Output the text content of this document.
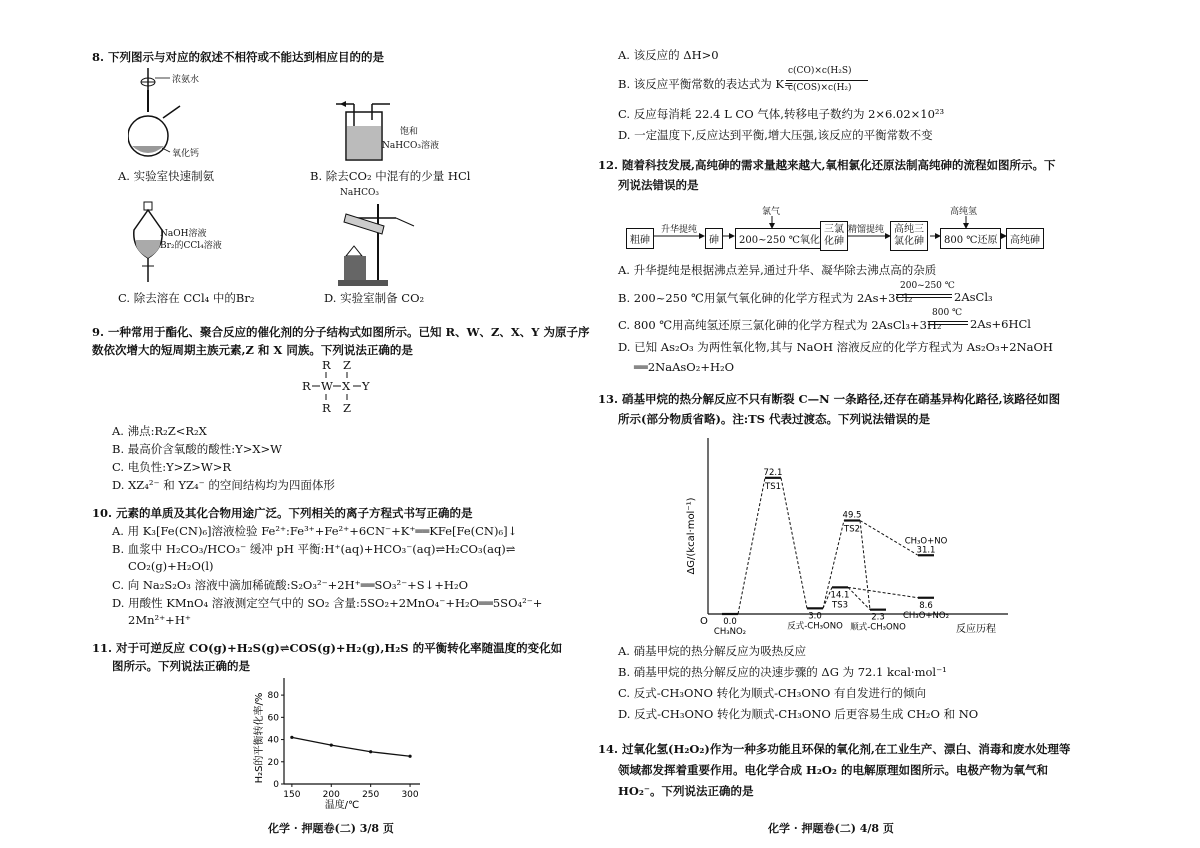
8. 下列图示与对应的叙述不相符或不能达到相应目的的是
浓氨水
氧化钙
A. 实验室快速制氨
饱和
NaHCO₃溶液
B. 除去CO₂ 中混有的少量 HCl
NaOH溶液
Br₂的CCl₄溶液
C. 除去溶在 CCl₄ 中的Br₂
NaHCO₃
D. 实验室制备 CO₂
9. 一种常用于酯化、聚合反应的催化剂的分子结构式如图所示。已知 R、W、Z、X、Y 为原子序
数依次增大的短周期主族元素,Z 和 X 同族。下列说法正确的是
R Z
R W X Y
R Z
A. 沸点:R₂Z<R₂X
B. 最高价含氧酸的酸性:Y>X>W
C. 电负性:Y>Z>W>R
D. XZ₄²⁻ 和 YZ₄⁻ 的空间结构均为四面体形
10. 元素的单质及其化合物用途广泛。下列相关的离子方程式书写正确的是
A. 用 K₃[Fe(CN)₆]溶液检验 Fe²⁺:Fe³⁺+Fe²⁺+6CN⁻+K⁺══KFe[Fe(CN)₆]↓
B. 血浆中 H₂CO₃/HCO₃⁻ 缓冲 pH 平衡:H⁺(aq)+HCO₃⁻(aq)⇌H₂CO₃(aq)⇌
CO₂(g)+H₂O(l)
C. 向 Na₂S₂O₃ 溶液中滴加稀硫酸:S₂O₃²⁻+2H⁺══SO₃²⁻+S↓+H₂O
D. 用酸性 KMnO₄ 溶液测定空气中的 SO₂ 含量:5SO₂+2MnO₄⁻+H₂O══5SO₄²⁻+
2Mn²⁺+H⁺
11. 对于可逆反应 CO(g)+H₂S(g)⇌COS(g)+H₂(g),H₂S 的平衡转化率随温度的变化如
图所示。下列说法正确的是
150 200 250 300
0
20
40
60
80
温度/℃
H₂S的平衡转化率/%
化学 · 押题卷(二) 3/8 页
A. 该反应的 ΔH>0
B. 该反应平衡常数的表达式为 K=
c(CO)×c(H₂S)
c(COS)×c(H₂)
C. 反应每消耗 22.4 L CO 气体,转移电子数约为 2×6.02×10²³
D. 一定温度下,反应达到平衡,增大压强,该反应的平衡常数不变
12. 随着科技发展,高纯砷的需求量越来越大,氧相氯化还原法制高纯砷的流程如图所示。下
列说法错误的是
粗砷
升华提纯
砷
氯气
200~250 ℃氧化
三氯
化砷
精馏提纯 高纯三
氯化砷
高纯氢
800 ℃还原	高纯砷
A. 升华提纯是根据沸点差异,通过升华、凝华除去沸点高的杂质
B. 200~250 ℃用氯气氧化砷的化学方程式为 2As+3Cl₂
200~250 ℃
2AsCl₃
C. 800 ℃用高纯氢还原三氯化砷的化学方程式为 2AsCl₃+3H₂
800 ℃
2As+6HCl
D. 已知 As₂O₃ 为两性氧化物,其与 NaOH 溶液反应的化学方程式为 As₂O₃+2NaOH
══2NaAsO₂+H₂O
13. 硝基甲烷的热分解反应不只有断裂 C—N 一条路径,还存在硝基异构化路径,该路径如图
所示(部分物质省略)。注:TS 代表过渡态。下列说法错误的是
0.0
CH₃NO₂
72.1
TS1
3.0
反式-CH₃ONO
49.5
TS2
14.1
TS3
2.3
顺式-CH₃ONO
31.1
CH₃O+NO
8.6
CH₃O+NO₂
O
ΔG/(kcal·mol⁻¹)
反应历程
A. 硝基甲烷的热分解反应为吸热反应
B. 硝基甲烷的热分解反应的决速步骤的 ΔG 为 72.1 kcal·mol⁻¹
C. 反式-CH₃ONO 转化为顺式-CH₃ONO 有自发进行的倾向
D. 反式-CH₃ONO 转化为顺式-CH₃ONO 后更容易生成 CH₂O 和 NO
14. 过氧化氢(H₂O₂)作为一种多功能且环保的氧化剂,在工业生产、漂白、消毒和废水处理等
领域都发挥着重要作用。电化学合成 H₂O₂ 的电解原理如图所示。电极产物为氧气和
HO₂⁻。下列说法正确的是
化学 · 押题卷(二) 4/8 页
